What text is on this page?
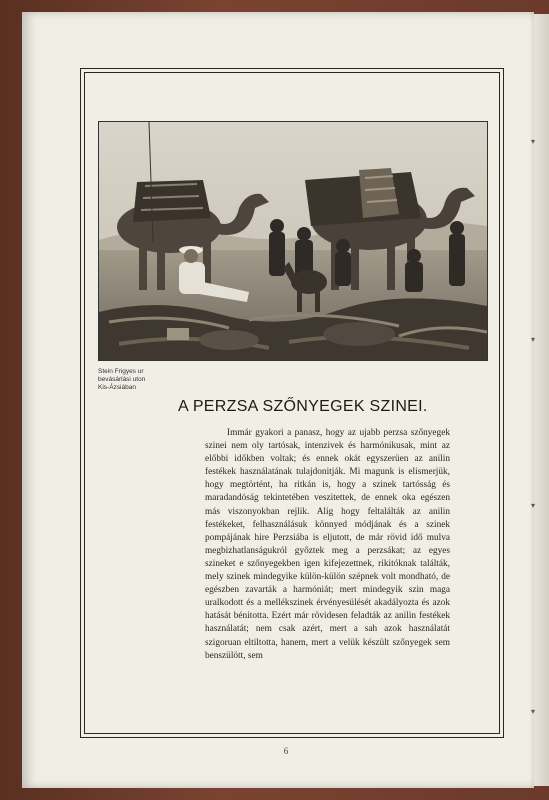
Stein Frigyes ur
bevásárlási uton
Kis-Ázsiában
A PERZSA SZŐNYEGEK SZINEI.

Immár gyakori a panasz, hogy az ujabb perzsa szőnyegek szinei nem oly tartósak, intenzivek és harmónikusak, mint az előbbi időkben voltak; és ennek okát egyszerüen az anilin festékek használatának tulajdonitják. Mi magunk is elismerjük, hogy megtörtént, ha ritkán is, hogy a szinek tartósság és maradandóság tekintetében veszitettek, de ennek oka egészen más viszonyokban rejlik. Alig hogy feltalálták az anilin festékeket, felhasználásuk könnyed módjának és a szinek pompájának hire Perzsiába is eljutott, de már rövid idő mulva megbizhatlanságukról győztek meg a perzsákat; az egyes szineket e szőnyegekben igen kifejezettnek, rikitóknak találták, mely szinek mindegyike külön-külön szépnek volt mondható, de egészben zavarták a harmóniát; mert mindegyik szin maga uralkodott és a mellékszinek érvényesülését akadályozta és azok hatását bénitotta. Ezért már rövidesen feladták az anilin festékek használatát; nem csak azért, mert a sah azok használatát szigoruan eltiltotta, hanem, mert a velük készült szőnyegek sem benszülött, sem

6
▾
▾
▾
▾
